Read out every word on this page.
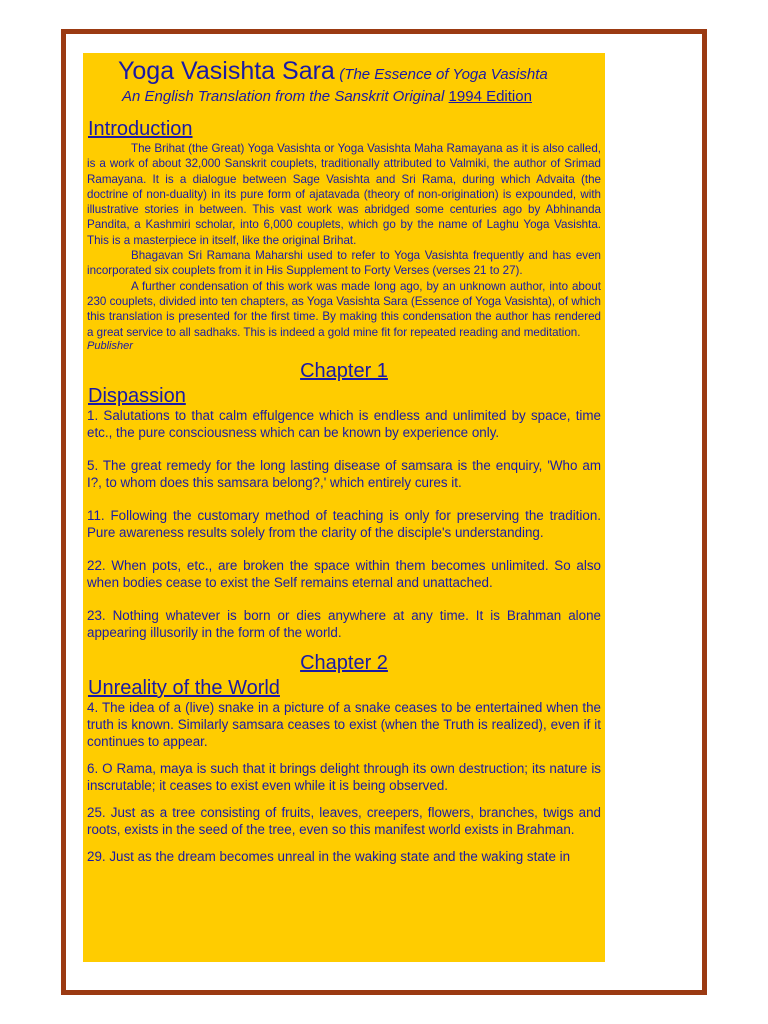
Yoga Vasishta Sara (The Essence of Yoga Vasishta
An English Translation from the Sanskrit Original 1994 Edition
Introduction

The Brihat (the Great) Yoga Vasishta or Yoga Vasishta Maha Ramayana as it is also called, is a work of about 32,000 Sanskrit couplets, traditionally attributed to Valmiki, the author of Srimad Ramayana. It is a dialogue between Sage Vasishta and Sri Rama, during which Advaita (the doctrine of non-duality) in its pure form of ajatavada (theory of non-origination) is expounded, with illustrative stories in between. This vast work was abridged some centuries ago by Abhinanda Pandita, a Kashmiri scholar, into 6,000 couplets, which go by the name of Laghu Yoga Vasishta. This is a masterpiece in itself, like the original Brihat.

Bhagavan Sri Ramana Maharshi used to refer to Yoga Vasishta frequently and has even incorporated six couplets from it in His Supplement to Forty Verses (verses 21 to 27).

A further condensation of this work was made long ago, by an unknown author, into about 230 couplets, divided into ten chapters, as Yoga Vasishta Sara (Essence of Yoga Vasishta), of which this translation is presented for the first time. By making this condensation the author has rendered a great service to all sadhaks. This is indeed a gold mine fit for repeated reading and meditation.

Publisher

Chapter 1
Dispassion

1. Salutations to that calm effulgence which is endless and unlimited by space, time etc., the pure consciousness which can be known by experience only.

5. The great remedy for the long lasting disease of samsara is the enquiry, 'Who am I?, to whom does this samsara belong?,' which entirely cures it.

11. Following the customary method of teaching is only for preserving the tradition. Pure awareness results solely from the clarity of the disciple's understanding.

22. When pots, etc., are broken the space within them becomes unlimited. So also when bodies cease to exist the Self remains eternal and unattached.

23. Nothing whatever is born or dies anywhere at any time. It is Brahman alone appearing illusorily in the form of the world.

Chapter 2
Unreality of the World

4. The idea of a (live) snake in a picture of a snake ceases to be entertained when the truth is known. Similarly samsara ceases to exist (when the Truth is realized), even if it continues to appear.

6. O Rama, maya is such that it brings delight through its own destruction; its nature is inscrutable; it ceases to exist even while it is being observed.

25. Just as a tree consisting of fruits, leaves, creepers, flowers, branches, twigs and roots, exists in the seed of the tree, even so this manifest world exists in Brahman.

29. Just as the dream becomes unreal in the waking state and the waking state in
